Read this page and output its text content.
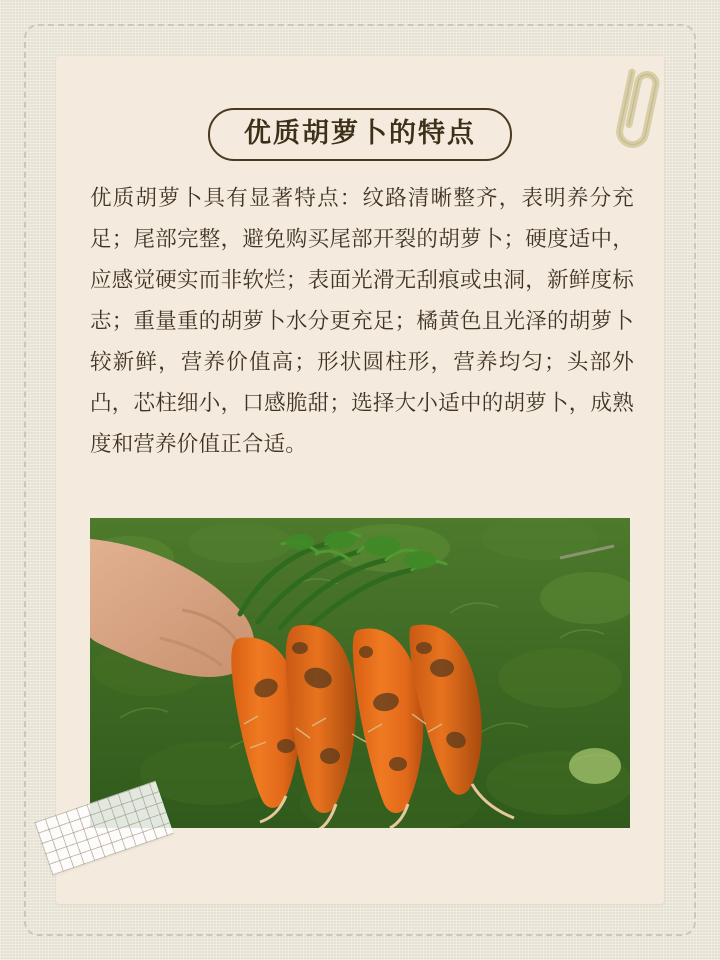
优质胡萝卜的特点
优质胡萝卜具有显著特点：纹路清晰整齐，表明养分充足；尾部完整，避免购买尾部开裂的胡萝卜；硬度适中，应感觉硬实而非软烂；表面光滑无刮痕或虫洞，新鲜度标志；重量重的胡萝卜水分更充足；橘黄色且光泽的胡萝卜较新鲜，营养价值高；形状圆柱形，营养均匀；头部外凸，芯柱细小，口感脆甜；选择大小适中的胡萝卜，成熟度和营养价值正合适。
